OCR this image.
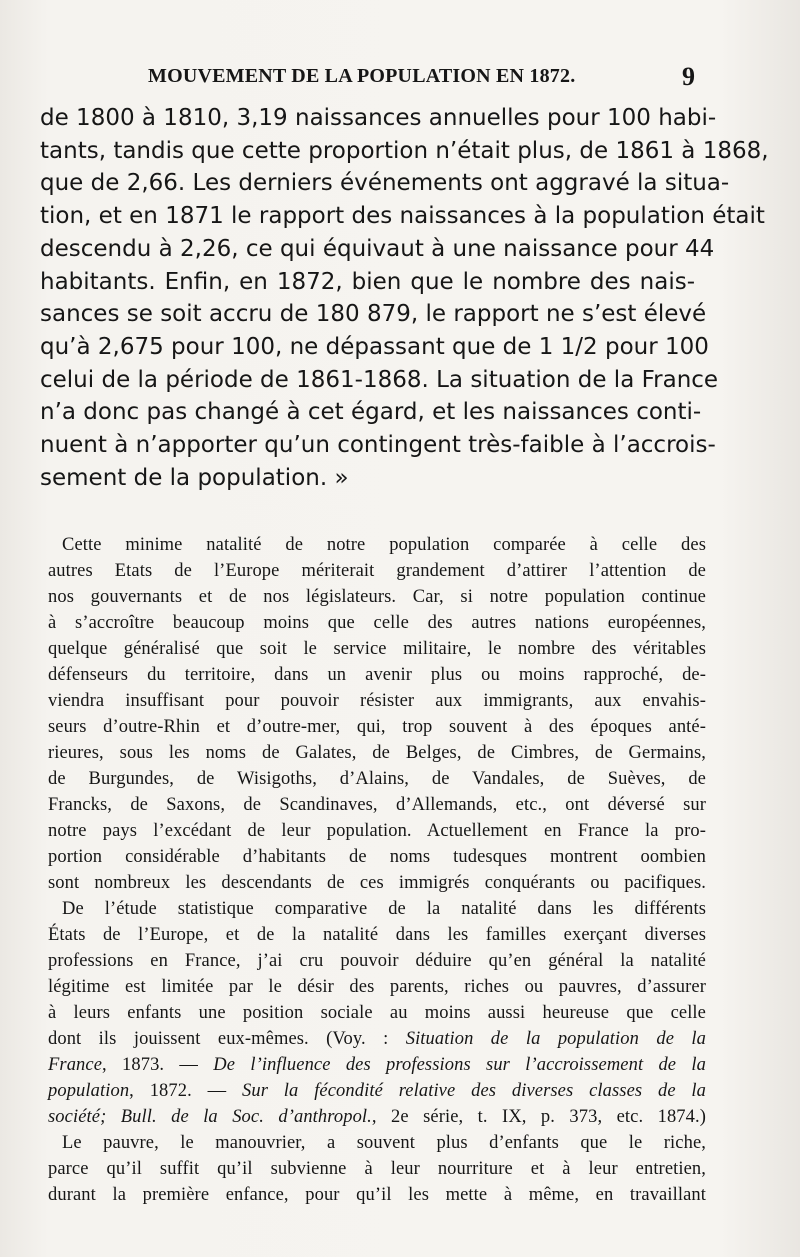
MOUVEMENT DE LA POPULATION EN 1872.	9
de 1800 à 1810, 3,19 naissances annuelles pour 100 habi-
tants, tandis que cette proportion n’était plus, de 1861 à 1868,
que de 2,66. Les derniers événements ont aggravé la situa-
tion, et en 1871 le rapport des naissances à la population était
descendu à 2,26, ce qui équivaut à une naissance pour 44
habitants. Enfin, en 1872, bien que le nombre des nais-
sances se soit accru de 180 879, le rapport ne s’est élevé
qu’à 2,675 pour 100, ne dépassant que de 1 1/2 pour 100
celui de la période de 1861-1868. La situation de la France
n’a donc pas changé à cet égard, et les naissances conti-
nuent à n’apporter qu’un contingent très-faible à l’accrois-
sement de la population. »
Cette minime natalité de notre population comparée à celle des
autres Etats de l’Europe mériterait grandement d’attirer l’attention de
nos gouvernants et de nos législateurs. Car, si notre population continue
à s’accroître beaucoup moins que celle des autres nations européennes,
quelque généralisé que soit le service militaire, le nombre des véritables
défenseurs du territoire, dans un avenir plus ou moins rapproché, de-
viendra insuffisant pour pouvoir résister aux immigrants, aux envahis-
seurs d’outre-Rhin et d’outre-mer, qui, trop souvent à des époques anté-
rieures, sous les noms de Galates, de Belges, de Cimbres, de Germains,
de Burgundes, de Wisigoths, d’Alains, de Vandales, de Suèves, de
Francks, de Saxons, de Scandinaves, d’Allemands, etc., ont déversé sur
notre pays l’excédant de leur population. Actuellement en France la pro-
portion considérable d’habitants de noms tudesques montrent oombien
sont nombreux les descendants de ces immigrés conquérants ou pacifiques.
De l’étude statistique comparative de la natalité dans les différents
États de l’Europe, et de la natalité dans les familles exerçant diverses
professions en France, j’ai cru pouvoir déduire qu’en général la natalité
légitime est limitée par le désir des parents, riches ou pauvres, d’assurer
à leurs enfants une position sociale au moins aussi heureuse que celle
dont ils jouissent eux-mêmes. (Voy. : Situation de la population de la
France, 1873. — De l’influence des professions sur l’accroissement de la
population, 1872. — Sur la fécondité relative des diverses classes de la
société; Bull. de la Soc. d’anthropol., 2e série, t. IX, p. 373, etc. 1874.)
Le pauvre, le manouvrier, a souvent plus d’enfants que le riche,
parce qu’il suffit qu’il subvienne à leur nourriture et à leur entretien,
durant la première enfance, pour qu’il les mette à même, en travaillant
